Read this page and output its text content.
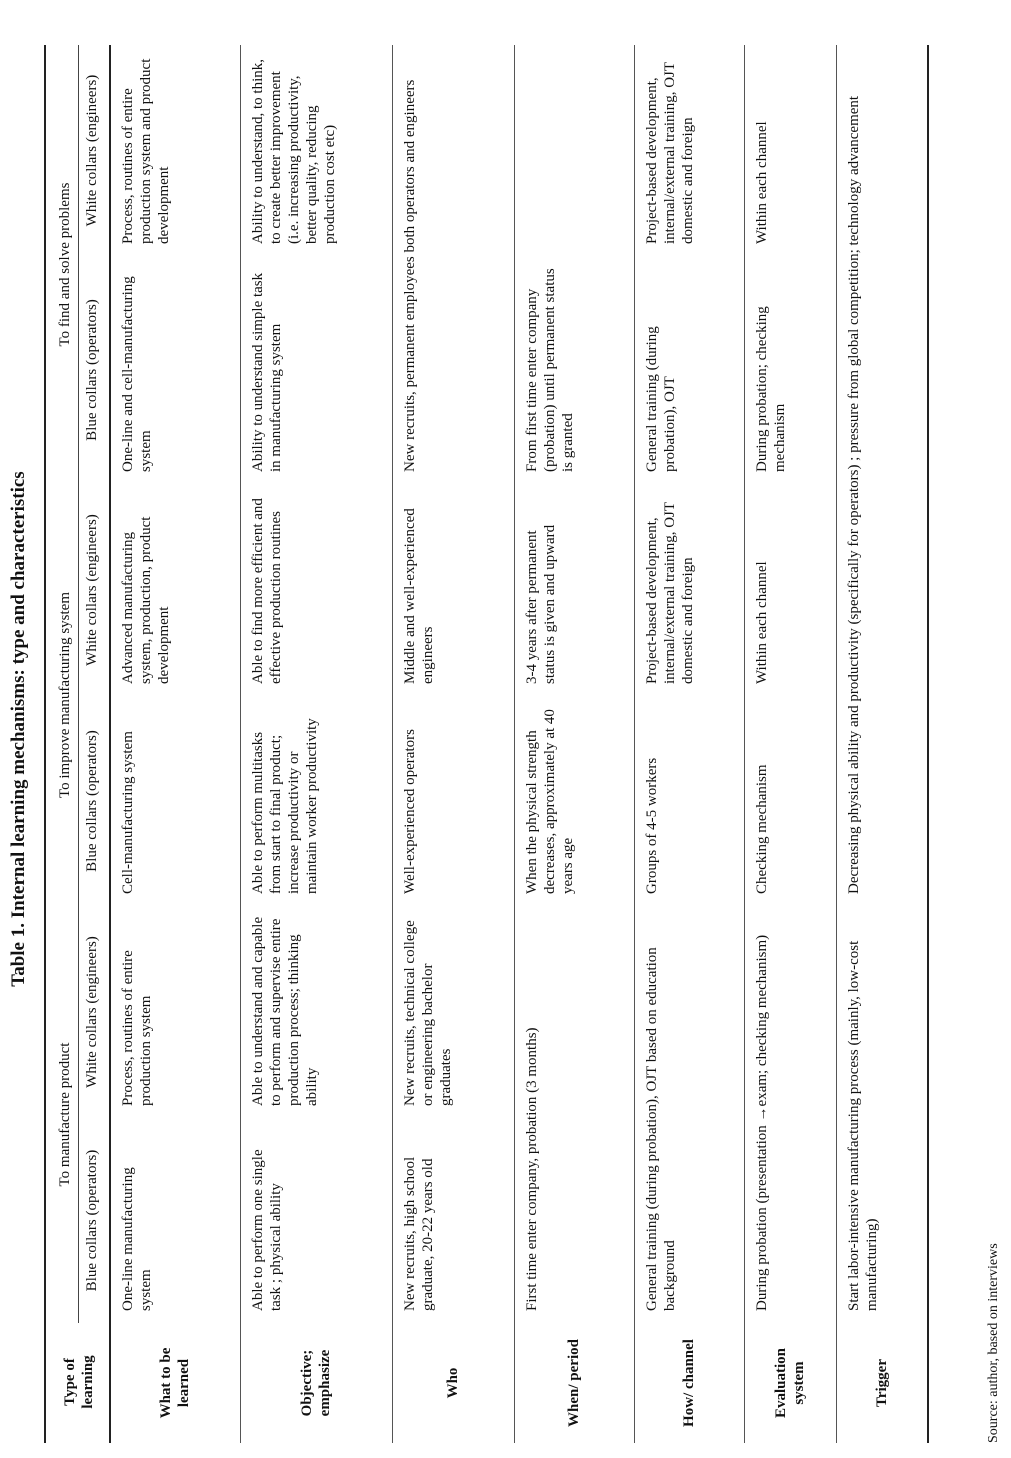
Table 1. Internal learning mechanisms: type and characteristics
Type of learning	To manufacture product		To improve manufacturing system		To find and solve problems	
	Blue collars (operators)	White collars (engineers)	Blue collars (operators)	White collars (engineers)	Blue collars (operators)	White collars (engineers)
What to be learned	One-line manufacturing system	Process, routines of entire production system	Cell-manufacturing system	Advanced manufacturing system, production, product development	One-line and cell-manufacturing system	Process, routines of entire production system and product development
Objective; emphasize	Able to perform one single task ; physical ability	Able to understand and capable to perform and supervise entire production process; thinking ability	Able to perform multitasks from start to final product; increase productivity or maintain worker productivity	Able to find more efficient and effective production routines	Ability to understand simple task in manufacturing system	Ability to understand, to think, to create better improvement (i.e. increasing productivity, better quality, reducing production cost etc)
Who	New recruits, high school graduate, 20-22 years old	New recruits, technical college or engineering bachelor graduates	Well-experienced operators	Middle and well-experienced engineers	New recruits, permanent employees both operators and engineers	
When/ period	First time enter company, probation (3 months)		When the physical strength decreases, approximately at 40 years age	3-4 years after permanent status is given and upward	From first time enter company (probation) until permanent status is granted	
How/ channel	General training (during probation), OJT based on education background		Groups of 4-5 workers	Project-based development, internal/external training, OJT domestic and foreign	General training (during probation), OJT	Project-based development, internal/external training, OJT domestic and foreign
Evaluation system	During probation (presentation →exam; checking mechanism)		Checking mechanism	Within each channel	During probation; checking mechanism	Within each channel
Trigger	Start labor-intensive manufacturing process (mainly, low-cost manufacturing)		Decreasing physical ability and productivity (specifically for operators) ; pressure from global competition; technology advancement			
Source: author, based on interviews
